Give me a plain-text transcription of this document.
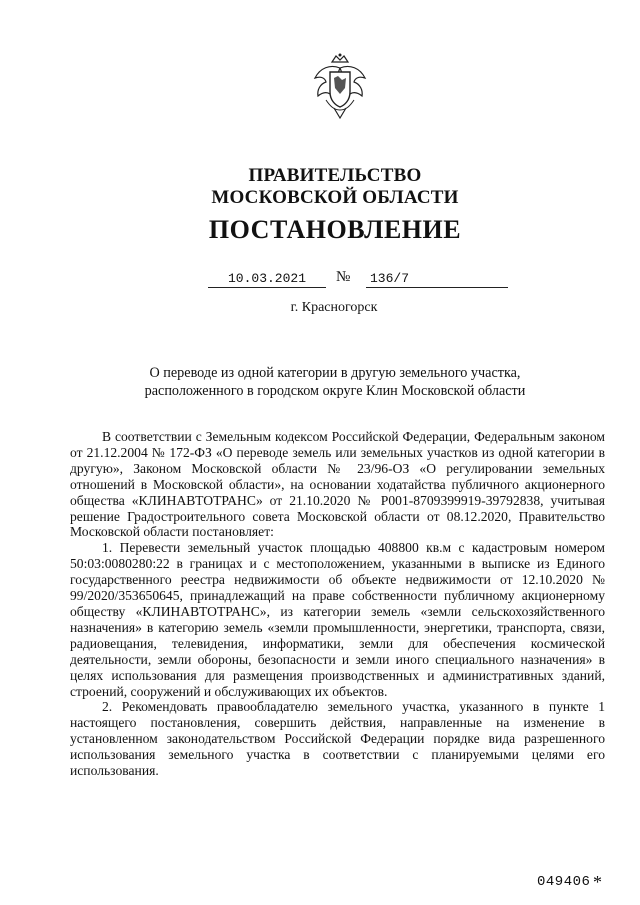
ПРАВИТЕЛЬСТВО
МОСКОВСКОЙ ОБЛАСТИ
ПОСТАНОВЛЕНИЕ
10.03.2021	№	136/7
г. Красногорск
О переводе из одной категории в другую земельного участка,
расположенного в городском округе Клин Московской области

В соответствии с Земельным кодексом Российской Федерации, Федеральным законом от 21.12.2004 № 172-ФЗ «О переводе земель или земельных участков из одной категории в другую», Законом Московской области № 23/96-ОЗ «О регулировании земельных отношений в Московской области», на основании ходатайства публичного акционерного общества «КЛИНАВТОТРАНС» от 21.10.2020 № Р001-8709399919-39792838, учитывая решение Градостроительного совета Московской области от 08.12.2020, Правительство Московской области постановляет:

1. Перевести земельный участок площадью 408800 кв.м с кадастровым номером 50:03:0080280:22 в границах и с местоположением, указанными в выписке из Единого государственного реестра недвижимости об объекте недвижимости от 12.10.2020 № 99/2020/353650645, принадлежащий на праве собственности публичному акционерному обществу «КЛИНАВТОТРАНС», из категории земель «земли сельскохозяйственного назначения» в категорию земель «земли промышленности, энергетики, транспорта, связи, радиовещания, телевидения, информатики, земли для обеспечения космической деятельности, земли обороны, безопасности и земли иного специального назначения» в целях использования для размещения производственных и административных зданий, строений, сооружений и обслуживающих их объектов.

2. Рекомендовать правообладателю земельного участка, указанного в пункте 1 настоящего постановления, совершить действия, направленные на изменение в установленном законодательством Российской Федерации порядке вида разрешенного использования земельного участка в соответствии с планируемыми целями его использования.

049406 *
